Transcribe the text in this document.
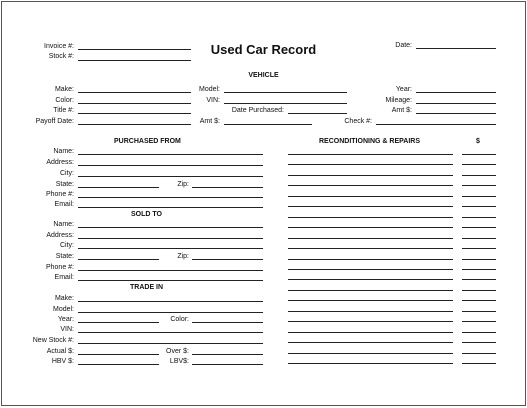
Used Car Record
Invoice #:
Stock #:
Date:
VEHICLE
Make:	Model:	Year:
Color:	VIN:	Mileage:
Title #:	Date Purchased:	Amt $:
Payoff Date:	Amt $:	Check #:
PURCHASED FROM
Name:
Address:
City:
State:	Zip:
Phone #:
Email:
SOLD TO
Name:
Address:
City:
State:	Zip:
Phone #:
Email:
TRADE IN
Make:
Model:
Year:	Color:
VIN:
New Stock #:
Actual $:	Over $:
HBV $:	LBV$:
RECONDITIONING & REPAIRS	$
